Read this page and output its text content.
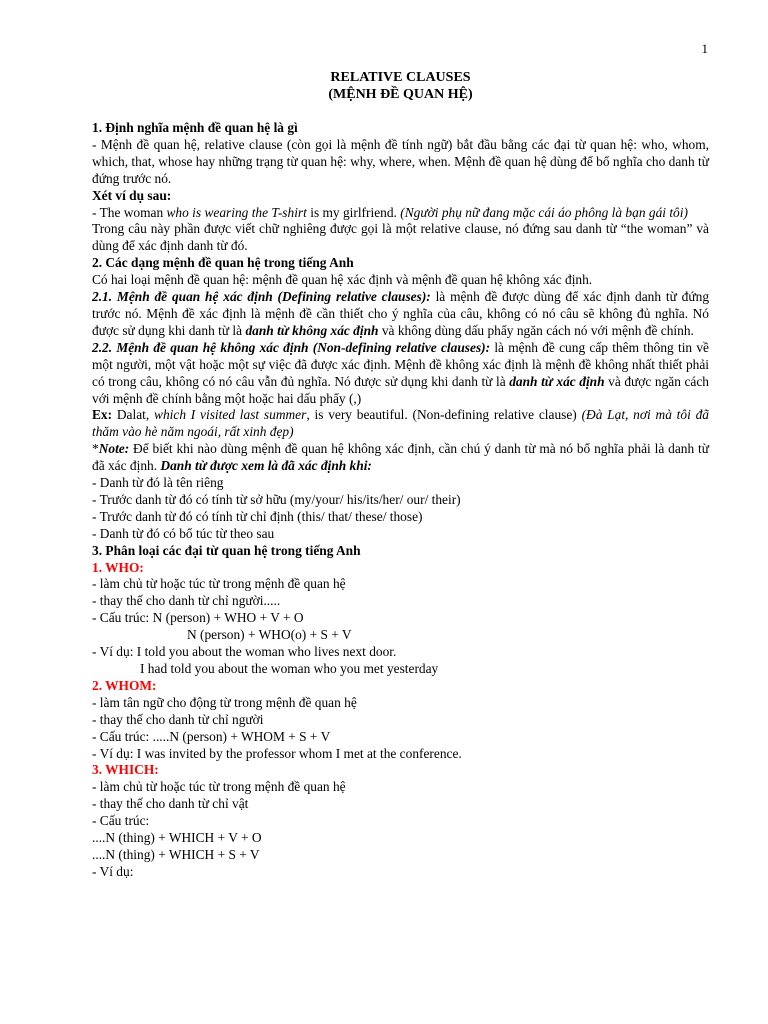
1
RELATIVE CLAUSES
(MỆNH ĐỀ QUAN HỆ)

1. Định nghĩa mệnh đề quan hệ là gì

- Mệnh đề quan hệ, relative clause (còn gọi là mệnh đề tính ngữ) bắt đầu bằng các đại từ quan hệ: who, whom, which, that, whose hay những trạng từ quan hệ: why, where, when. Mệnh đề quan hệ dùng để bổ nghĩa cho danh từ đứng trước nó.

Xét ví dụ sau:

- The woman who is wearing the T-shirt is my girlfriend. (Người phụ nữ đang mặc cái áo phông là bạn gái tôi)

Trong câu này phần được viết chữ nghiêng được gọi là một relative clause, nó đứng sau danh từ “the woman” và dùng để xác định danh từ đó.

2. Các dạng mệnh đề quan hệ trong tiếng Anh

Có hai loại mệnh đề quan hệ: mệnh đề quan hệ xác định và mệnh đề quan hệ không xác định.

2.1. Mệnh đề quan hệ xác định (Defining relative clauses): là mệnh đề được dùng để xác định danh từ đứng trước nó. Mệnh đề xác định là mệnh đề cần thiết cho ý nghĩa của câu, không có nó câu sẽ không đủ nghĩa. Nó được sử dụng khi danh từ là danh từ không xác định và không dùng dấu phẩy ngăn cách nó với mệnh đề chính.

2.2. Mệnh đề quan hệ không xác định (Non-defining relative clauses): là mệnh đề cung cấp thêm thông tin về một người, một vật hoặc một sự việc đã được xác định. Mệnh đề không xác định là mệnh đề không nhất thiết phải có trong câu, không có nó câu vẫn đủ nghĩa. Nó được sử dụng khi danh từ là danh từ xác định và được ngăn cách với mệnh đề chính bằng một hoặc hai dấu phẩy (,)

Ex: Dalat, which I visited last summer, is very beautiful. (Non-defining relative clause) (Đà Lạt, nơi mà tôi đã thăm vào hè năm ngoái, rất xinh đẹp)

*Note: Để biết khi nào dùng mệnh đề quan hệ không xác định, cần chú ý danh từ mà nó bổ nghĩa phải là danh từ đã xác định. Danh từ được xem là đã xác định khi:

- Danh từ đó là tên riêng

- Trước danh từ đó có tính từ sở hữu (my/your/ his/its/her/ our/ their)

- Trước danh từ đó có tính từ chỉ định (this/ that/ these/ those)

- Danh từ đó có bổ túc từ theo sau

3. Phân loại các đại từ quan hệ trong tiếng Anh

1. WHO:

- làm chủ từ hoặc túc từ trong mệnh đề quan hệ

- thay thế cho danh từ chỉ người.....

- Cấu trúc: N (person) + WHO + V + O

N (person) + WHO(o) + S + V

- Ví dụ: I told you about the woman who lives next door.

I had told you about the woman who you met yesterday

2. WHOM:

- làm tân ngữ cho động từ trong mệnh đề quan hệ

- thay thế cho danh từ chỉ người

- Cấu trúc: .....N (person) + WHOM + S + V

- Ví dụ: I was invited by the professor whom I met at the conference.

3. WHICH:

- làm chủ từ hoặc túc từ trong mệnh đề quan hệ

- thay thế cho danh từ chỉ vật

- Cấu trúc:

....N (thing) + WHICH + V + O

....N (thing) + WHICH + S + V

- Ví dụ:
